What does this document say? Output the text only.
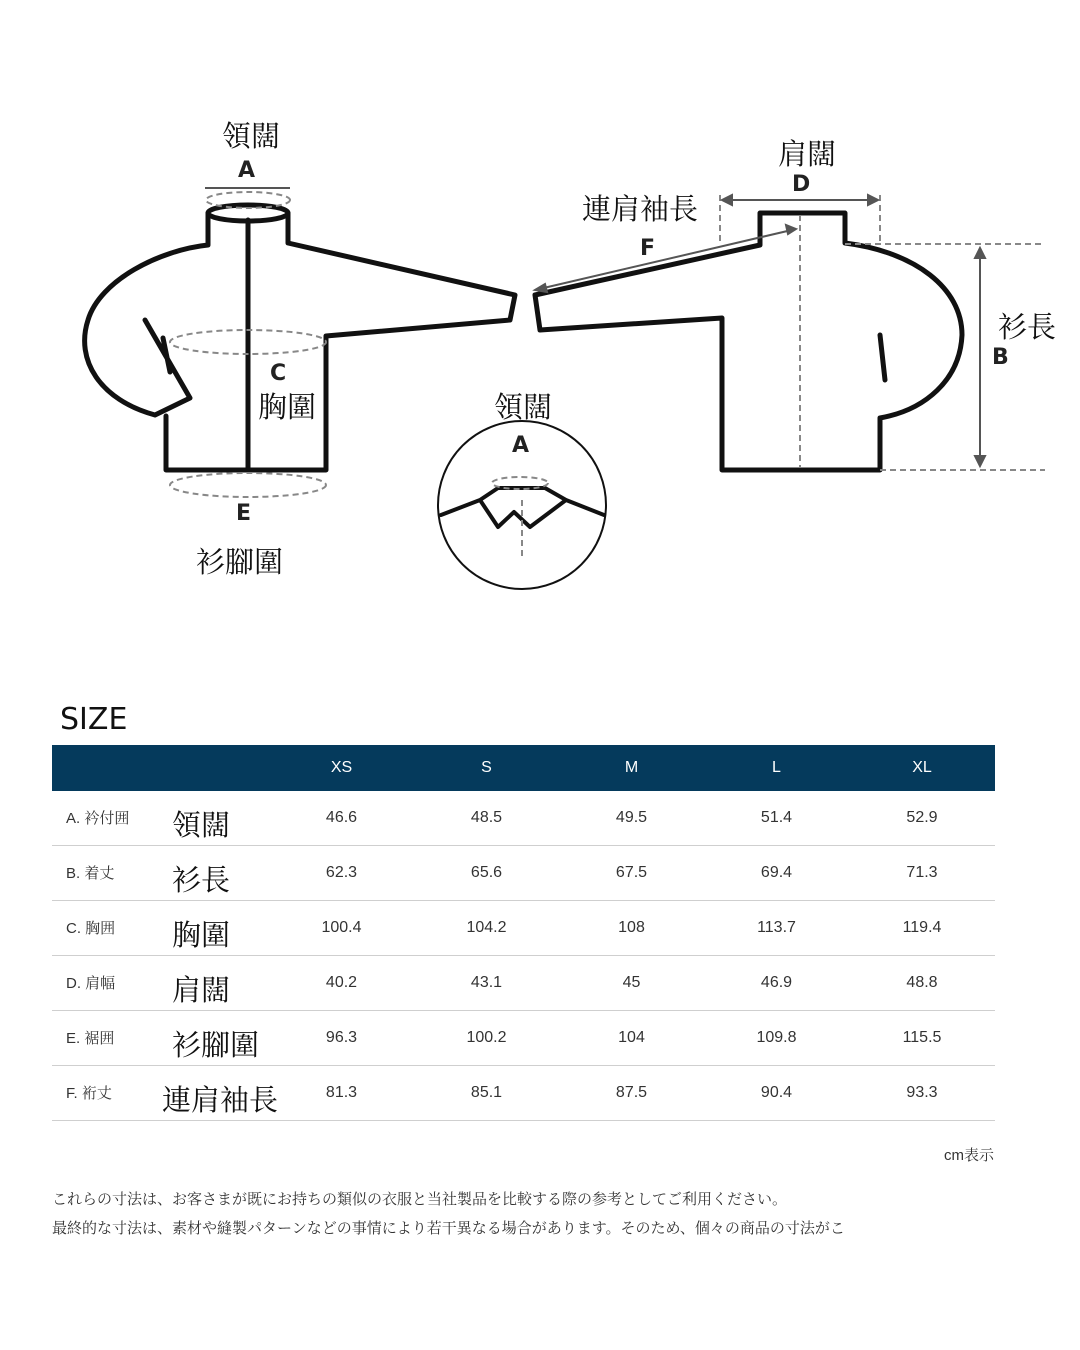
領闊
A	肩闊
D
連肩袖長
F
衫長
B
C
胸圍
E
衫腳圍
領闊
A
SIZE
	XS	S	M	L	XL

A. 衿付囲 領闊	46.6	48.5	49.5	51.4	52.9

B. 着丈 衫長	62.3	65.6	67.5	69.4	71.3

C. 胸囲 胸圍	100.4	104.2	108	113.7	119.4

D. 肩幅 肩闊	40.2	43.1	45	46.9	48.8

E. 裾囲 衫腳圍	96.3	100.2	104	109.8	115.5

F. 裄丈 連肩袖長	81.3	85.1	87.5	90.4	93.3
cm表示
これらの寸法は、お客さまが既にお持ちの類似の衣服と当社製品を比較する際の参考としてご利用ください。
最終的な寸法は、素材や縫製パターンなどの事情により若干異なる場合があります。そのため、個々の商品の寸法がこ
